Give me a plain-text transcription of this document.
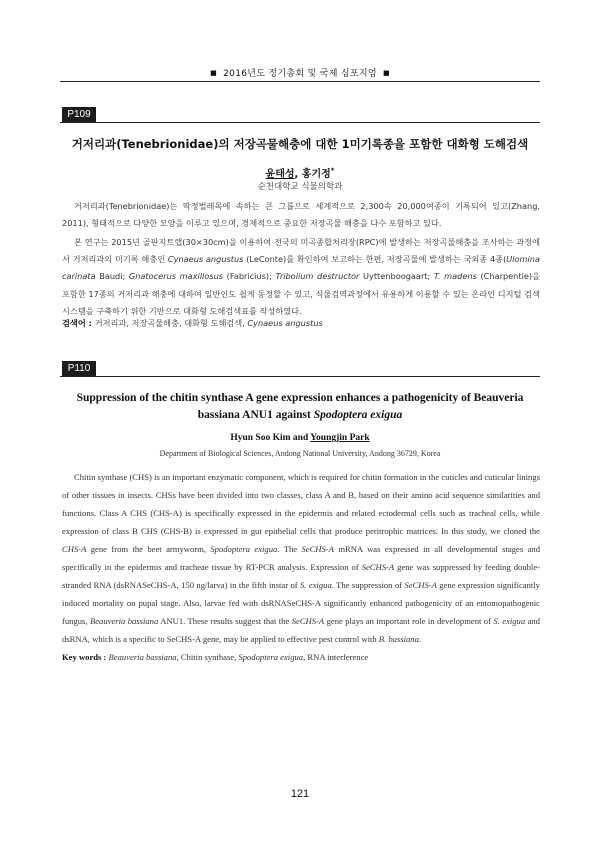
■ 2016년도 정기총회 및 국제 심포지엄 ■
P109
거저리과(Tenebrionidae)의 저장곡물해충에 대한 1미기록종을 포함한 대화형 도해검색
윤태성, 홍기정*
순천대학교 식물의학과
거저리과(Tenebrionidae)는 딱정벌레목에 속하는 큰 그룹으로 세계적으로 2,300속 20,000여종이 기록되어 있고(Zhang, 2011), 형태적으로 다양한 모양을 이루고 있으며, 경제적으로 중요한 저장곡물 해충을 다수 포함하고 있다.
본 연구는 2015년 골판지트랩(30×30cm)을 이용하여 전국의 미곡종합처리장(RPC)에 발생하는 저장곡물해충을 조사하는 과정에서 거저리과의 미기록 해충인 Cynaeus angustus (LeConte)를 확인하여 보고하는 한편, 저장곡물에 발생하는 국외종 4종(Ulomina carinata Baudi; Gnatocerus maxillosus (Fabricius); Tribolium destructor Uyttenboogaart; T. madens (Charpentie)을 포함한 17종의 거저리과 해충에 대하여 일반인도 쉽게 동정할 수 있고, 식물검역과정에서 유용하게 이용할 수 있는 온라인 디지털 검색 시스템을 구축하기 위한 기반으로 대화형 도해검색표를 작성하였다.
검색어 : 거저리과, 저장곡물해충, 대화형 도해검색, Cynaeus angustus
P110
Suppression of the chitin synthase A gene expression enhances a pathogenicity of Beauveria
bassiana ANU1 against Spodoptera exigua
Hyun Soo Kim and Youngjin Park
Department of Biological Sciences, Andong National University, Andong 36729, Korea
Chitin synthase (CHS) is an important enzymatic component, which is required for chitin formation in the cuticles and cuticular linings of other tissues in insects. CHSs have been divided into two classes, class A and B, based on their amino acid sequence similarities and functions. Class A CHS (CHS-A) is specifically expressed in the epidermis and related ectodermal cells such as tracheal cells, while expression of class B CHS (CHS-B) is expressed in gut epithelial cells that produce peritrophic matrices. In this study, we cloned the CHS-A gene from the beet armyworm, Spodoptera exigua. The SeCHS-A mRNA was expressed in all developmental stages and specifically in the epidermis and tracheae tissue by RT-PCR analysis. Expression of SeCHS-A gene was suppressed by feeding double-stranded RNA (dsRNASeCHS-A, 150 ng/larva) in the fifth instar of S. exigua. The suppression of SeCHS-A gene expression significantly induced mortality on pupal stage. Also, larvae fed with dsRNASeCHS-A significantly enhanced pathogenicity of an entomopathogenic fungus, Beauveria bassiana ANU1. These results suggest that the SeCHS-A gene plays an important role in development of S. exigua and dsRNA, which is a specific to SeCHS-A gene, may be applied to effective pest control with B. bassiana.
Key words : Beauveria bassiana, Chitin synthase, Spodoptera exigua, RNA interference
121
